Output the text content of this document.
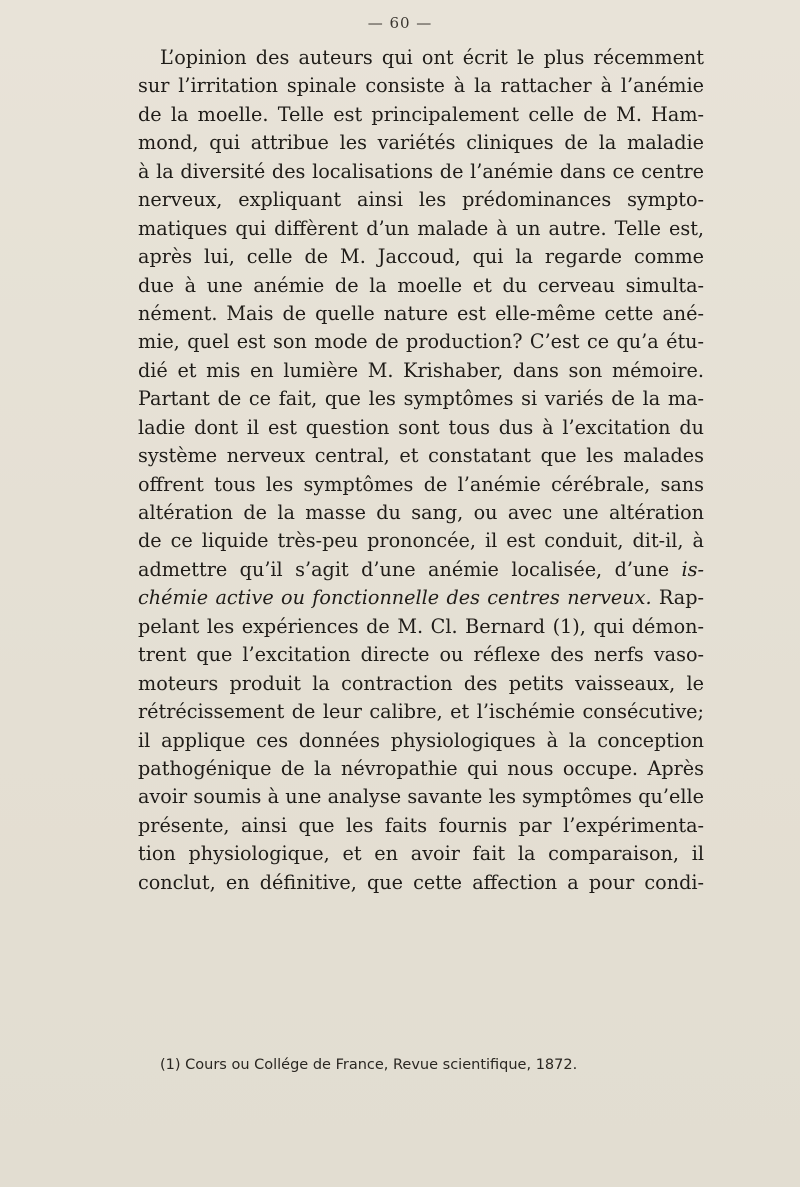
— 60 —
L’opinion des auteurs qui ont écrit le plus récemment
sur l’irritation spinale consiste à la rattacher à l’anémie
de la moelle. Telle est principalement celle de M. Ham-
mond, qui attribue les variétés cliniques de la maladie
à la diversité des localisations de l’anémie dans ce centre
nerveux, expliquant ainsi les prédominances sympto-
matiques qui diffèrent d’un malade à un autre. Telle est,
après lui, celle de M. Jaccoud, qui la regarde comme
due à une anémie de la moelle et du cerveau simulta-
nément. Mais de quelle nature est elle-même cette ané-
mie, quel est son mode de production? C’est ce qu’a étu-
dié et mis en lumière M. Krishaber, dans son mémoire.
Partant de ce fait, que les symptômes si variés de la ma-
ladie dont il est question sont tous dus à l’excitation du
système nerveux central, et constatant que les malades
offrent tous les symptômes de l’anémie cérébrale, sans
altération de la masse du sang, ou avec une altération
de ce liquide très-peu prononcée, il est conduit, dit-il, à
admettre qu’il s’agit d’une anémie localisée, d’une is-
chémie active ou fonctionnelle des centres nerveux. Rap-
pelant les expériences de M. Cl. Bernard (1), qui démon-
trent que l’excitation directe ou réflexe des nerfs vaso-
moteurs produit la contraction des petits vaisseaux, le
rétrécissement de leur calibre, et l’ischémie consécutive;
il applique ces données physiologiques à la conception
pathogénique de la névropathie qui nous occupe. Après
avoir soumis à une analyse savante les symptômes qu’elle
présente, ainsi que les faits fournis par l’expérimenta-
tion physiologique, et en avoir fait la comparaison, il
conclut, en définitive, que cette affection a pour condi-
(1) Cours ou Collége de France, Revue scientifique, 1872.
